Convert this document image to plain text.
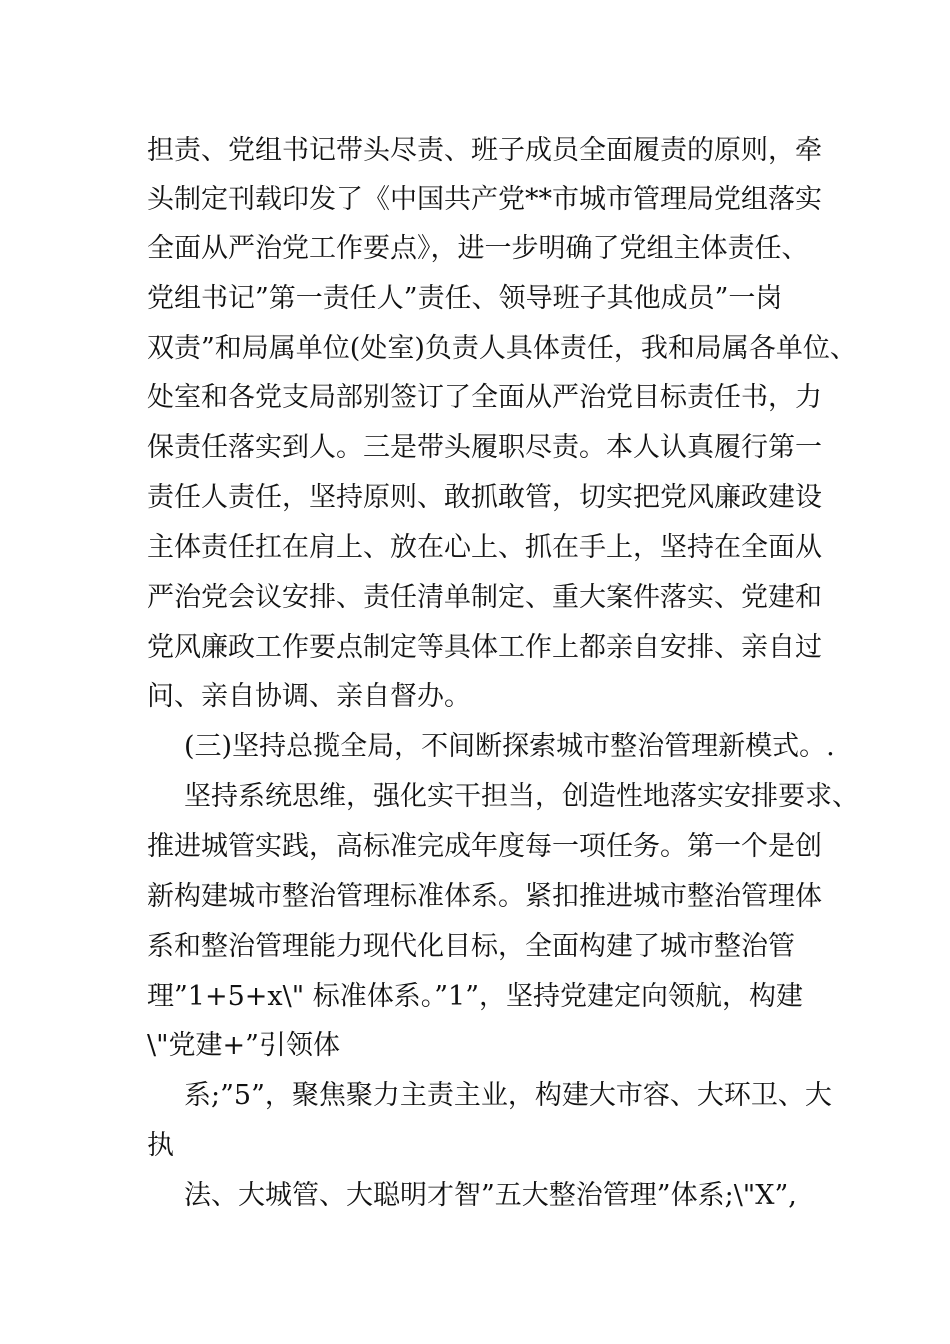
担责、党组书记带头尽责、班子成员全面履责的原则，牵

头制定刊载印发了《中国共产党**市城市管理局党组落实

全面从严治党工作要点》，进一步明确了党组主体责任、

党组书记”第一责任人”责任、领导班子其他成员”一岗

双责”和局属单位(处室)负责人具体责任，我和局属各单位、

处室和各党支局部别签订了全面从严治党目标责任书，力

保责任落实到人。三是带头履职尽责。本人认真履行第一

责任人责任，坚持原则、敢抓敢管，切实把党风廉政建设

主体责任扛在肩上、放在心上、抓在手上，坚持在全面从

严治党会议安排、责任清单制定、重大案件落实、党建和

党风廉政工作要点制定等具体工作上都亲自安排、亲自过

问、亲自协调、亲自督办。

(三)坚持总揽全局，不间断探索城市整治管理新模式。.

坚持系统思维，强化实干担当，创造性地落实安排要求、

推进城管实践，高标准完成年度每一项任务。第一个是创

新构建城市整治管理标准体系。紧扣推进城市整治管理体

系和整治管理能力现代化目标，全面构建了城市整治管

理”1+5+x\" 标准体系。”1”，坚持党建定向领航，构建

\"党建+”引领体

系;”5”，聚焦聚力主责主业，构建大市容、大环卫、大

执

法、大城管、大聪明才智”五大整治管理”体系;\"X”,
